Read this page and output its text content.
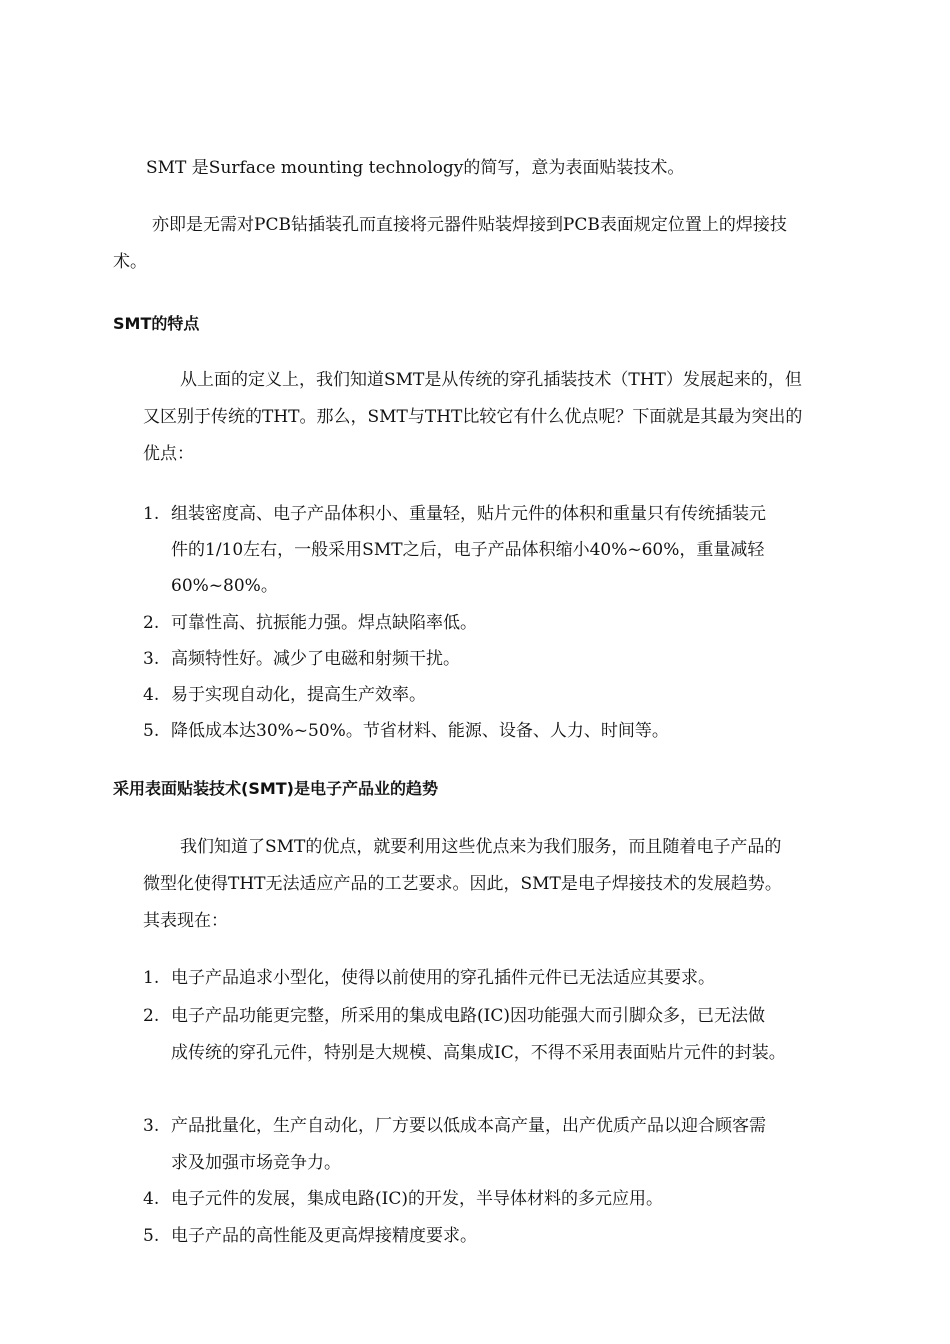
SMT 是Surface mounting technology的简写，意为表面贴装技术。
亦即是无需对PCB钻插装孔而直接将元器件贴装焊接到PCB表面规定位置上的焊接技
术。
SMT的特点
从上面的定义上，我们知道SMT是从传统的穿孔插装技术（THT）发展起来的，但
又区别于传统的THT。那么，SMT与THT比较它有什么优点呢？下面就是其最为突出的
优点：
1. 组装密度高、电子产品体积小、重量轻，贴片元件的体积和重量只有传统插装元
件的1/10左右，一般采用SMT之后，电子产品体积缩小40%~60%，重量减轻
60%~80%。
2. 可靠性高、抗振能力强。焊点缺陷率低。
3. 高频特性好。减少了电磁和射频干扰。
4. 易于实现自动化，提高生产效率。
5. 降低成本达30%~50%。节省材料、能源、设备、人力、时间等。
采用表面贴装技术(SMT)是电子产品业的趋势
我们知道了SMT的优点，就要利用这些优点来为我们服务，而且随着电子产品的
微型化使得THT无法适应产品的工艺要求。因此，SMT是电子焊接技术的发展趋势。
其表现在：
1. 电子产品追求小型化，使得以前使用的穿孔插件元件已无法适应其要求。
2. 电子产品功能更完整，所采用的集成电路(IC)因功能强大而引脚众多，已无法做
成传统的穿孔元件，特别是大规模、高集成IC，不得不采用表面贴片元件的封装。
3. 产品批量化，生产自动化，厂方要以低成本高产量，出产优质产品以迎合顾客需
求及加强市场竞争力。
4. 电子元件的发展，集成电路(IC)的开发，半导体材料的多元应用。
5. 电子产品的高性能及更高焊接精度要求。
